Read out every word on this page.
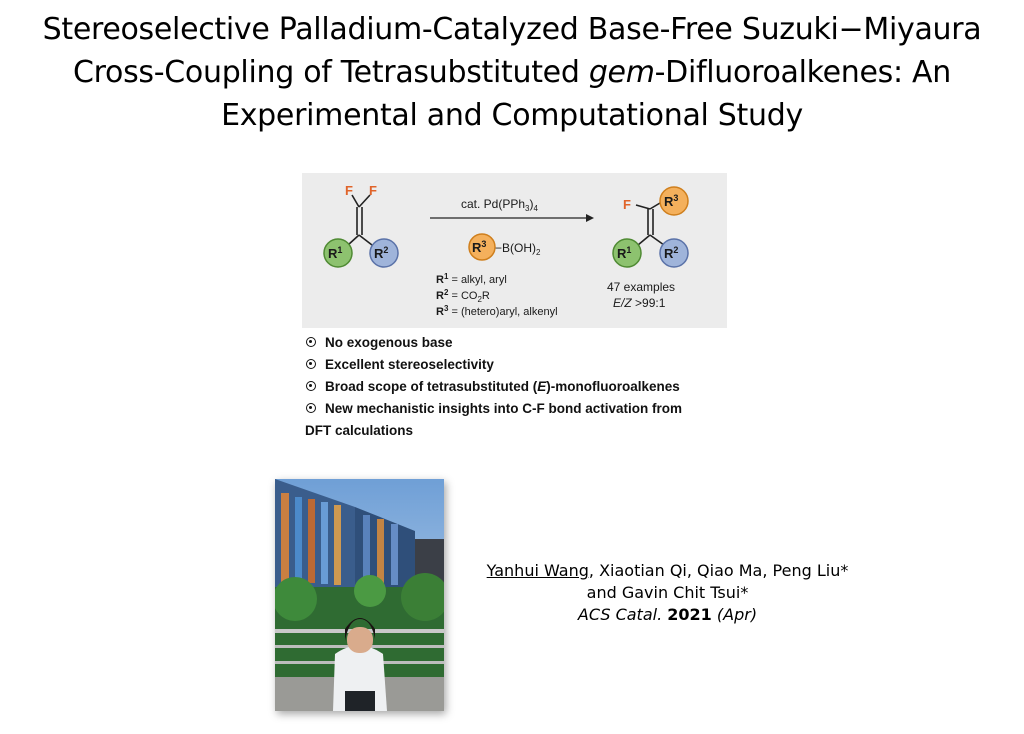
Stereoselective Palladium-Catalyzed Base-Free Suzuki−Miyaura
Cross-Coupling of Tetrasubstituted gem-Difluoroalkenes: An
Experimental and Computational Study
F F
$R^1$ $R^2$
cat. $Pd(PPh_3)_4$
$R^3 -B(OH)_2$
$R^1$ = alkyl, aryl
$R^2 = CO_2R$
$R^3$ = (hetero)aryl, alkenyl
F	$R^3$
$R^1$	$R^2$
47 examples
E/Z >99:1
No exogenous base
Excellent stereoselectivity
Broad scope of tetrasubstituted (E)-monofluoroalkenes
New mechanistic insights into C-F bond activation from
DFT calculations
Yanhui Wang, Xiaotian Qi, Qiao Ma, Peng Liu*
and Gavin Chit Tsui*
ACS Catal. 2021 (Apr)
